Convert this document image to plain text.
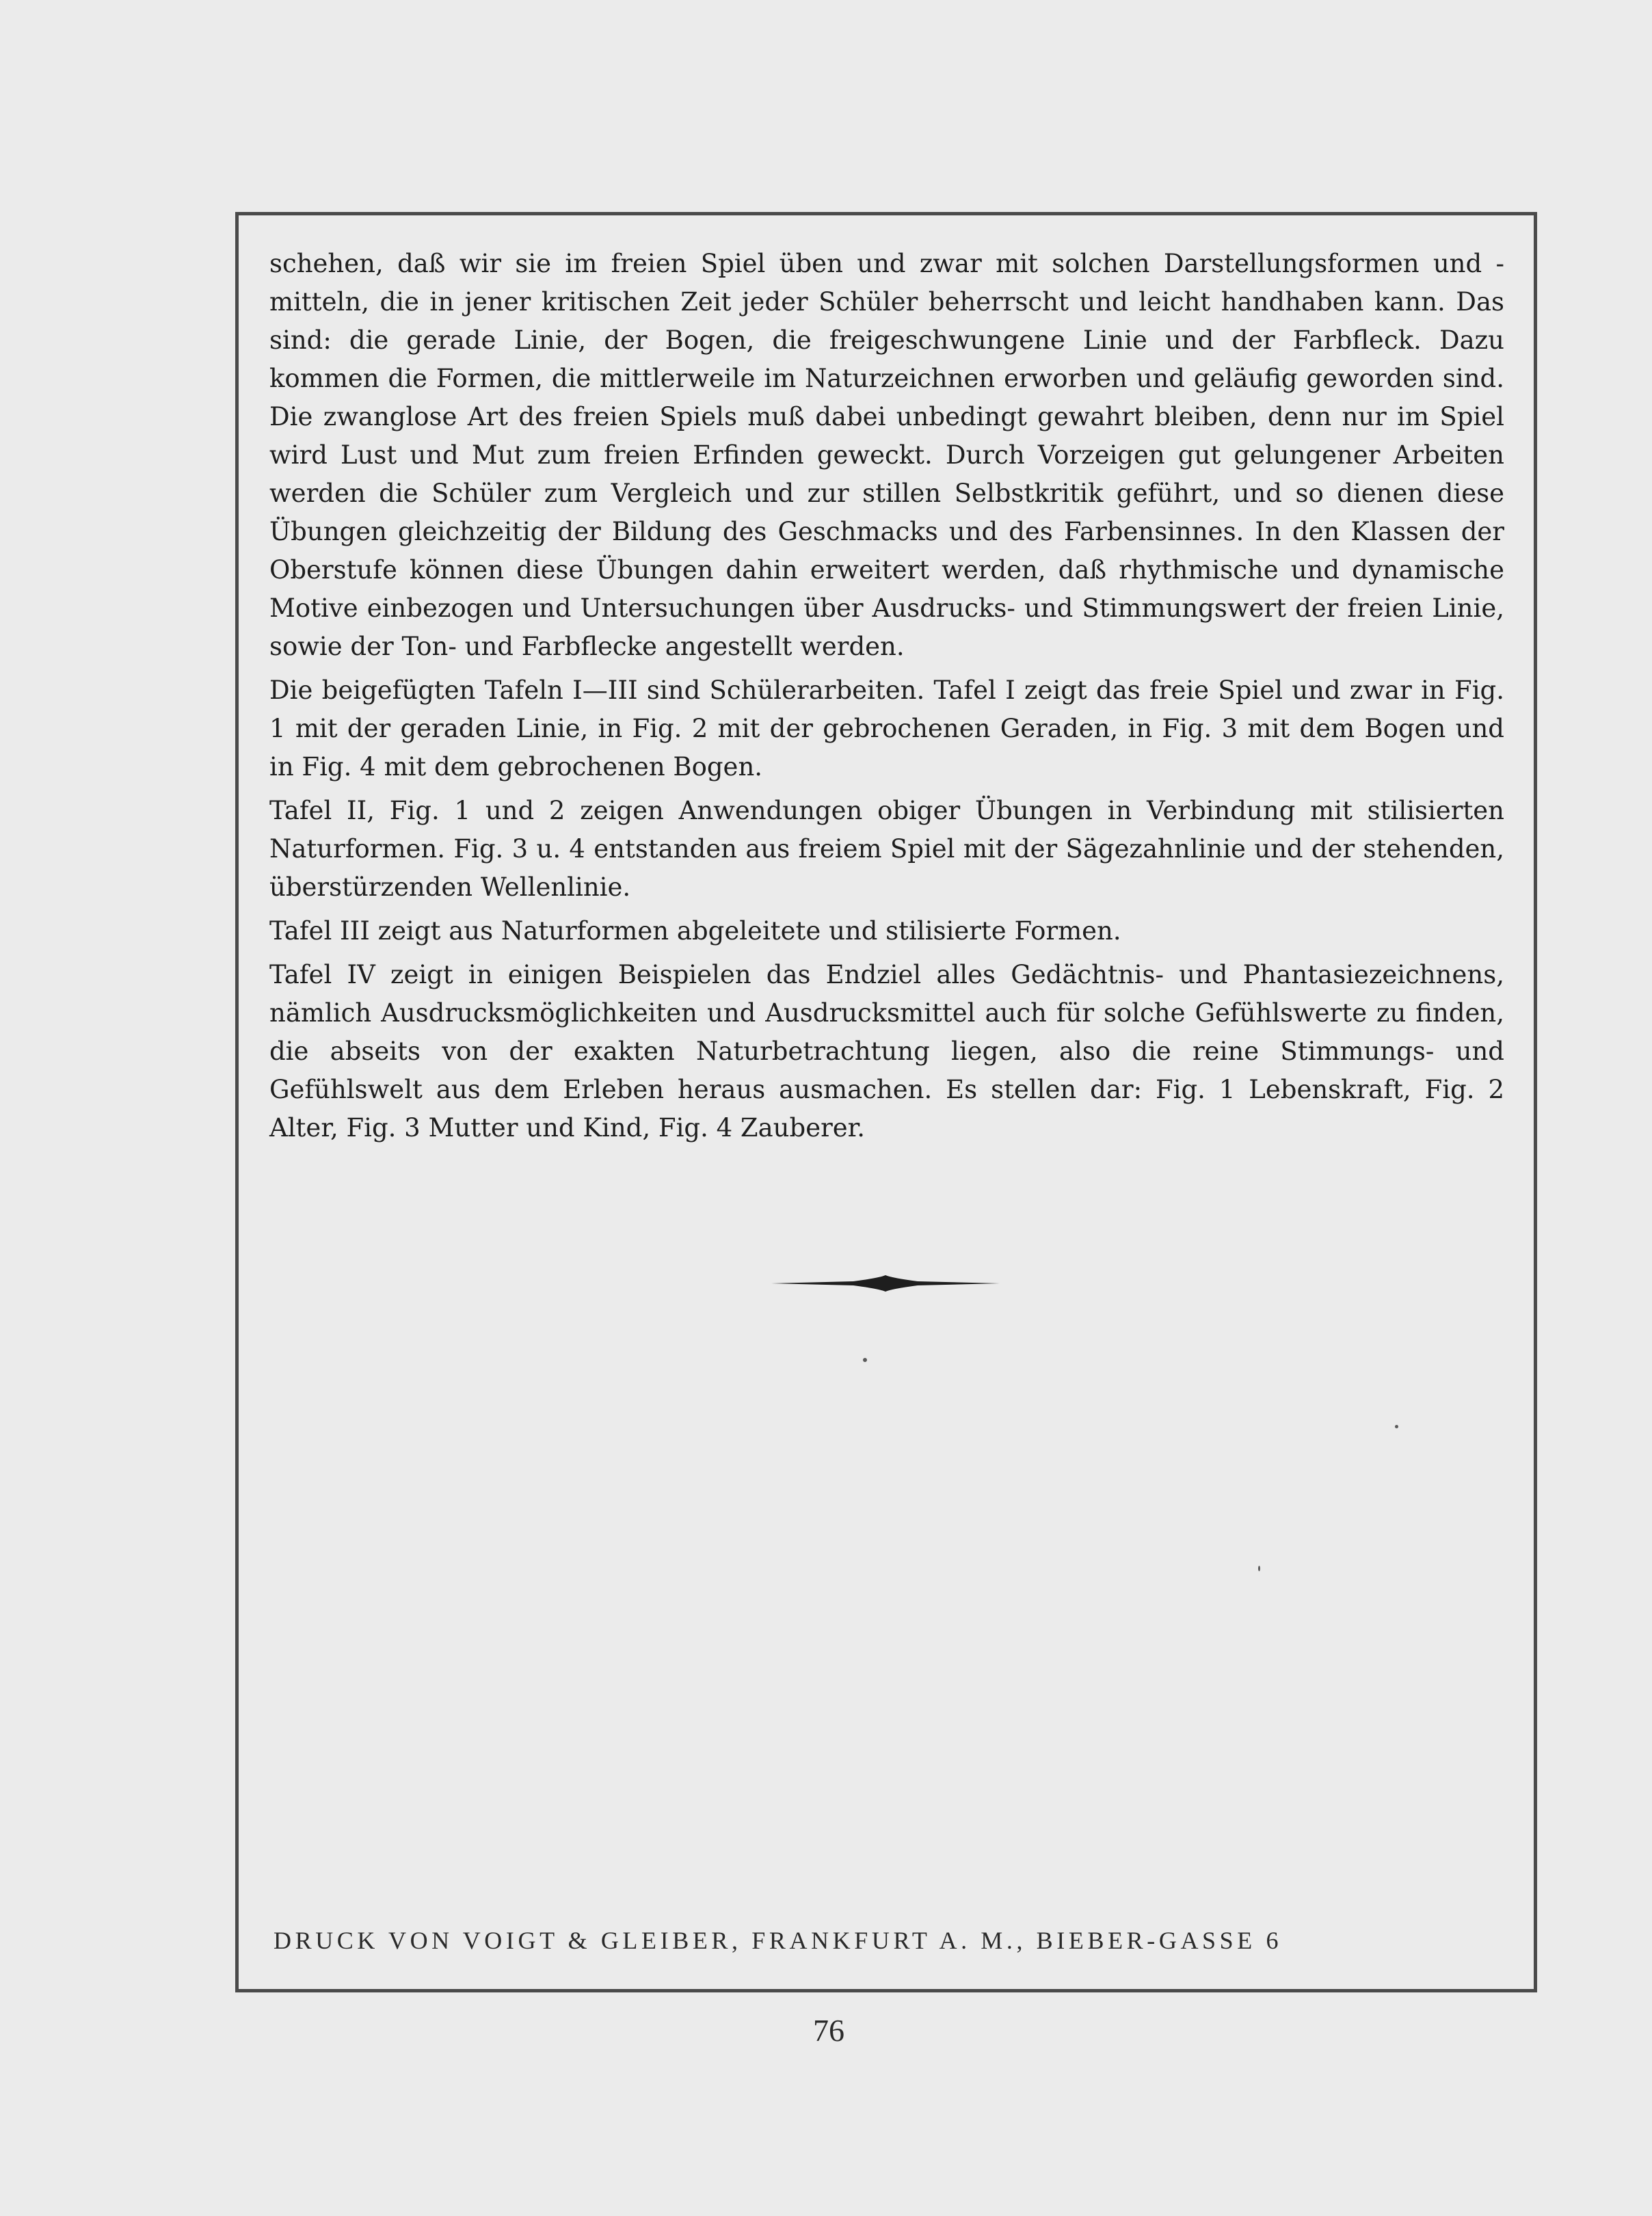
schehen, daß wir sie im freien Spiel üben und zwar mit solchen Darstellungsformen und -mitteln, die in jener kritischen Zeit jeder Schüler beherrscht und leicht handhaben kann. Das sind: die gerade Linie, der Bogen, die freigeschwungene Linie und der Farbfleck. Dazu kommen die Formen, die mittlerweile im Naturzeichnen erworben und geläufig geworden sind. Die zwanglose Art des freien Spiels muß dabei unbedingt gewahrt bleiben, denn nur im Spiel wird Lust und Mut zum freien Erfinden geweckt. Durch Vorzeigen gut gelungener Arbeiten werden die Schüler zum Vergleich und zur stillen Selbstkritik geführt, und so dienen diese Übungen gleichzeitig der Bildung des Geschmacks und des Farbensinnes. In den Klassen der Oberstufe können diese Übungen dahin erweitert werden, daß rhythmische und dynamische Motive einbezogen und Untersuchungen über Ausdrucks- und Stimmungswert der freien Linie, sowie der Ton- und Farbflecke angestellt werden.

Die beigefügten Tafeln I—III sind Schülerarbeiten. Tafel I zeigt das freie Spiel und zwar in Fig. 1 mit der geraden Linie, in Fig. 2 mit der gebrochenen Geraden, in Fig. 3 mit dem Bogen und in Fig. 4 mit dem gebrochenen Bogen.

Tafel II, Fig. 1 und 2 zeigen Anwendungen obiger Übungen in Verbindung mit stilisierten Naturformen. Fig. 3 u. 4 entstanden aus freiem Spiel mit der Sägezahnlinie und der stehenden, überstürzenden Wellenlinie.

Tafel III zeigt aus Naturformen abgeleitete und stilisierte Formen.

Tafel IV zeigt in einigen Beispielen das Endziel alles Gedächtnis- und Phantasiezeichnens, nämlich Ausdrucksmöglichkeiten und Ausdrucksmittel auch für solche Gefühlswerte zu finden, die abseits von der exakten Naturbetrachtung liegen, also die reine Stimmungs- und Gefühlswelt aus dem Erleben heraus ausmachen. Es stellen dar: Fig. 1 Lebenskraft, Fig. 2 Alter, Fig. 3 Mutter und Kind, Fig. 4 Zauberer.

DRUCK VON VOIGT & GLEIBER, FRANKFURT A. M., BIEBER-GASSE 6
76
